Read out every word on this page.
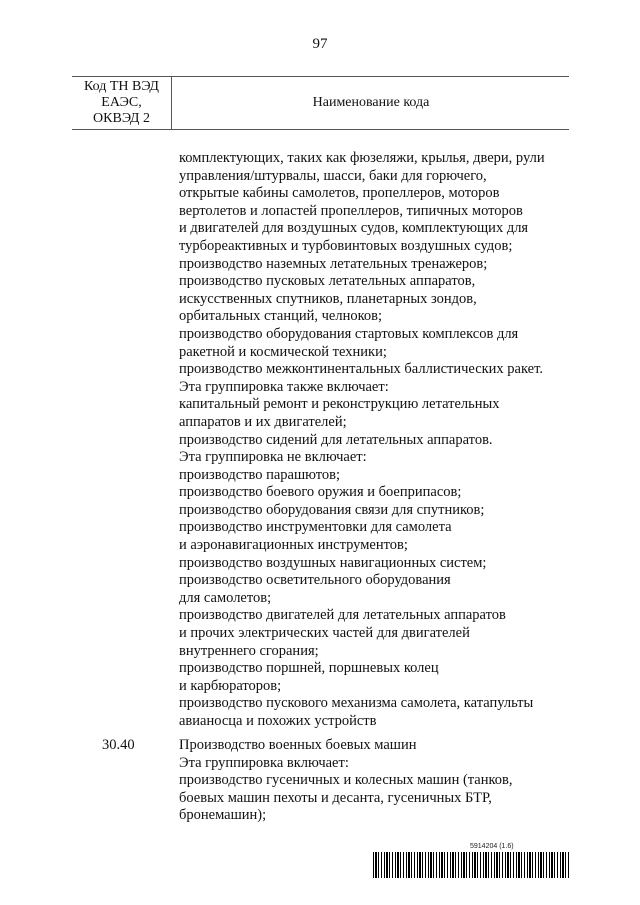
97
Код ТН ВЭД
ЕАЭС,
ОКВЭД 2
Наименование кода
комплектующих, таких как фюзеляжи, крылья, двери, рули
управления/штурвалы, шасси, баки для горючего,
открытые кабины самолетов, пропеллеров, моторов
вертолетов и лопастей пропеллеров, типичных моторов
и двигателей для воздушных судов, комплектующих для
турбореактивных и турбовинтовых воздушных судов;
производство наземных летательных тренажеров;
производство пусковых летательных аппаратов,
искусственных спутников, планетарных зондов,
орбитальных станций, челноков;
производство оборудования стартовых комплексов для
ракетной и космической техники;
производство межконтинентальных баллистических ракет.
Эта группировка также включает:
капитальный ремонт и реконструкцию летательных
аппаратов и их двигателей;
производство сидений для летательных аппаратов.
Эта группировка не включает:
производство парашютов;
производство боевого оружия и боеприпасов;
производство оборудования связи для спутников;
производство инструментовки для самолета
и аэронавигационных инструментов;
производство воздушных навигационных систем;
производство осветительного оборудования
для самолетов;
производство двигателей для летательных аппаратов
и прочих электрических частей для двигателей
внутреннего сгорания;
производство поршней, поршневых колец
и карбюраторов;
производство пускового механизма самолета, катапульты
авианосца и похожих устройств
30.40	Производство военных боевых машин
Эта группировка включает:
производство гусеничных и колесных машин (танков,
боевых машин пехоты и десанта, гусеничных БТР,
бронемашин);
5914204 (1.6)
